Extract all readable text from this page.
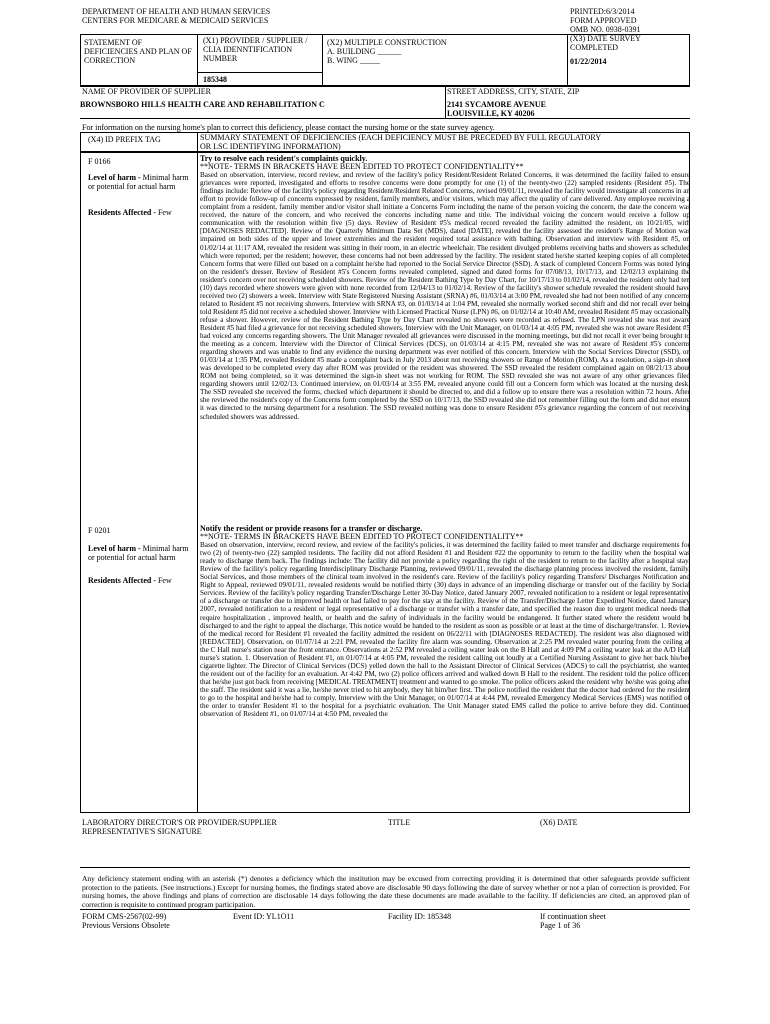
DEPARTMENT OF HEALTH AND HUMAN SERVICES
CENTERS FOR MEDICARE & MEDICAID SERVICES
PRINTED:6/3/2014
FORM APPROVED
OMB NO. 0938-0391
STATEMENT OF DEFICIENCIES AND PLAN OF CORRECTION
(X1) PROVIDER / SUPPLIER / CLIA IDENNTIFICATION NUMBER
185348
(X2) MULTIPLE CONSTRUCTION
A. BUILDING ______
B. WING _____
(X3) DATE SURVEY COMPLETED
01/22/2014
NAME OF PROVIDER OF SUPPLIER
BROWNSBORO HILLS HEALTH CARE AND REHABILITATION C
STREET ADDRESS, CITY, STATE, ZIP
2141 SYCAMORE AVENUE
LOUISVILLE, KY 40206
For information on the nursing home's plan to correct this deficiency, please contact the nursing home or the state survey agency.
(X4) ID PREFIX TAG	SUMMARY STATEMENT OF DEFICIENCIES (EACH DEFICIENCY MUST BE PRECEDED BY FULL REGULATORY
OR LSC IDENTIFYING INFORMATION)
F 0166
Level of harm - Minimal harm or potential for actual harm
Residents Affected - Few
Try to resolve each resident's complaints quickly.
**NOTE- TERMS IN BRACKETS HAVE BEEN EDITED TO PROTECT CONFIDENTIALITY**
Based on observation, interview, record review, and review of the facility's policy Resident/Resident Related Concerns, it was determined the facility failed to ensure grievances were reported, investigated and efforts to resolve concerns were done promptly for one (1) of the twenty-two (22) sampled residents (Resident #5). The findings include: Review of the facility's policy regarding Resident/Resident Related Concerns, revised 09/01/11, revealed the facility would investigate all concerns in an effort to provide follow-up of concerns expressed by resident, family members, and/or visitors, which may affect the quality of care delivered. Any employee receiving a complaint from a resident, family member and/or visitor shall initiate a Concerns Form including the name of the person voicing the concern, the date the concern was received, the nature of the concern, and who received the concerns including name and title. The individual voicing the concern would receive a follow up communication with the resolution within five (5) days. Review of Resident #5's medical record revealed the facility admitted the resident, on 10/21/05, with [DIAGNOSES REDACTED]. Review of the Quarterly Minimum Data Set (MDS), dated [DATE], revealed the facility assessed the resident's Range of Motion was impaired on both sides of the upper and lower extremities and the resident required total assistance with bathing. Observation and interview with Resident #5, on 01/02/14 at 11:17 AM, revealed the resident was sitting in their room, in an electric wheelchair. The resident divulged problems receiving baths and showers as scheduled which were reported, per the resident; however, these concerns had not been addressed by the facility. The resident stated he/she started keeping copies of all completed Concern forms that were filled out based on a complaint he/she had reported to the Social Service Director (SSD). A stack of completed Concern Forms was noted lying on the resident's dresser. Review of Resident #5's Concern forms revealed completed, signed and dated forms for 07/08/13, 10/17/13, and 12/02/13 explaining the resident's concern over not receiving scheduled showers. Review of the Resident Bathing Type by Day Chart, for 10/17/13 to 01/02/14, revealed the resident only had ten (10) days recorded where showers were given with none recorded from 12/04/13 to 01/02/14. Review of the facility's shower schedule revealed the resident should have received two (2) showers a week. Interview with State Registered Nursing Assistant (SRNA) #6, 01/03/14 at 3:00 PM, revealed she had not been notified of any concerns related to Resident #5 not receiving showers. Interview with SRNA #3, on 01/03/14 at 1:04 PM, revealed she normally worked second shift and did not recall ever being told Resident #5 did not receive a scheduled shower. Interview with Licensed Practical Nurse (LPN) #6, on 01/02/14 at 10:40 AM, revealed Resident #5 may occasionally refuse a shower. However, review of the Resident Bathing Type by Day Chart revealed no showers were recorded as refused. The LPN revealed she was not aware Resident #5 had filed a grievance for not receiving scheduled showers. Interview with the Unit Manager, on 01/03/14 at 4:05 PM, revealed she was not aware Resident #5 had voiced any concerns regarding showers. The Unit Manager revealed all grievances were discussed in the morning meetings, but did not recall it ever being brought to the meeting as a concern. Interview with the Director of Clinical Services (DCS), on 01/03/14 at 4:15 PM, revealed she was not aware of Resident #5's concerns regarding showers and was unable to find any evidence the nursing department was ever notified of this concern. Interview with the Social Services Director (SSD), on 01/03/14 at 1:35 PM, revealed Resident #5 made a complaint back in July 2013 about not receiving showers or Range of Motion (ROM). As a resolution, a sign-in sheet was developed to be completed every day after ROM was provided or the resident was showered. The SSD revealed the resident complained again on 08/21/13 about ROM not being completed, so it was determined the sign-in sheet was not working for ROM. The SSD revealed she was not aware of any other grievances filed regarding showers until 12/02/13. Continued interview, on 01/03/14 at 3:55 PM, revealed anyone could fill out a Concern form which was located at the nursing desk. The SSD revealed she received the forms, checked which department it should be directed to, and did a follow up to ensure there was a resolution within 72 hours. After she reviewed the resident's copy of the Concerns form completed by the SSD on 10/17/13, the SSD revealed she did not remember filling out the form and did not ensure it was directed to the nursing department for a resolution. The SSD revealed nothing was done to ensure Resident #5's grievance regarding the concern of not receiving scheduled showers was addressed.
F 0201
Level of harm - Minimal harm or potential for actual harm
Residents Affected - Few
Notify the resident or provide reasons for a transfer or discharge.
**NOTE- TERMS IN BRACKETS HAVE BEEN EDITED TO PROTECT CONFIDENTIALITY**
Based on observation, interview, record review, and review of the facility's policies, it was determined the facility failed to meet transfer and discharge requirements for two (2) of twenty-two (22) sampled residents. The facility did not afford Resident #1 and Resident #22 the opportunity to return to the facility when the hospital was ready to discharge them back. The findings include: The facility did not provide a policy regarding the right of the resident to return to the facility after a hospital stay. Review of the facility's policy regarding Interdisciplinary Discharge Planning, reviewed 09/01/11, revealed the discharge planning process involved the resident, family, Social Services, and those members of the clinical team involved in the resident's care. Review of the facility's policy regarding Transfers/ Discharges Notification and Right to Appeal, reviewed 09/01/11, revealed residents would be notified thirty (30) days in advance of an impending discharge or transfer out of the facility by Social Services. Review of the facility's policy regarding Transfer/Discharge Letter 30-Day Notice, dated January 2007, revealed notification to a resident or legal representative of a discharge or transfer due to improved health or had failed to pay for the stay at the facility. Review of the Transfer/Discharge Letter Expedited Notice, dated January 2007, revealed notification to a resident or legal representative of a discharge or transfer with a transfer date, and specified the reason due to urgent medical needs that require hospitalization , improved health, or health and the safety of individuals in the facility would be endangered. It further stated where the resident would be discharged to and the right to appeal the discharge. This notice would be handed to the resident as soon as possible or at least at the time of discharge/transfer. 1. Review of the medical record for Resident #1 revealed the facility admitted the resident on 06/22/11 with [DIAGNOSES REDACTED]. The resident was also diagnosed with [REDACTED]. Observation, on 01/07/14 at 2:21 PM, revealed the facility fire alarm was sounding. Observation at 2:25 PM revealed water pouring from the ceiling at the C Hall nurse's station near the front entrance. Observations at 2:52 PM revealed a ceiling water leak on the B Hall and at 4:09 PM a ceiling water leak at the A/D Hall nurse's station. 1. Observation of Resident #1, on 01/07/14 at 4:05 PM, revealed the resident calling out loudly at a Certified Nursing Assistant to give her back his/her cigarette lighter. The Director of Clinical Services (DCS) yelled down the hall to the Assistant Director of Clinical Services (ADCS) to call the psychiatrist, she wanted the resident out of the facility for an evaluation. At 4:42 PM, two (2) police officers arrived and walked down B Hall to the resident. The resident told the police officers that he/she just got back from receiving [MEDICAL TREATMENT] treatment and wanted to go smoke. The police officers asked the resident why he/she was going after the staff. The resident said it was a lie, he/she never tried to hit anybody, they hit him/her first. The police notified the resident that the doctor had ordered for the resident to go to the hospital and he/she had to comply. Interview with the Unit Manager, on 01/07/14 at 4:44 PM, revealed Emergency Medical Services (EMS) was notified of the order to transfer Resident #1 to the hospital for a psychiatric evaluation. The Unit Manager stated EMS called the police to arrive before they did. Continued observation of Resident #1, on 01/07/14 at 4:50 PM, revealed the
LABORATORY DIRECTOR'S OR PROVIDER/SUPPLIER
REPRESENTATIVE'S SIGNATURE
TITLE	(X6) DATE
Any deficiency statement ending with an asterisk (*) denotes a deficiency which the institution may be excused from correcting providing it is determined that other safeguards provide sufficient protection to the patients. (See instructions.) Except for nursing homes, the findings stated above are disclosable 90 days following the date of survey whether or not a plan of correction is provided. For nursing homes, the above findings and plans of correction are disclosable 14 days following the date these documents are made available to the facility. If deficiencies are cited, an approved plan of correction is requisite to continued program participation.
FORM CMS-2567(02-99)
Previous Versions Obsolete
Event ID: YL1O11	Facility ID: 185348	If continuation sheet
Page 1 of 36
